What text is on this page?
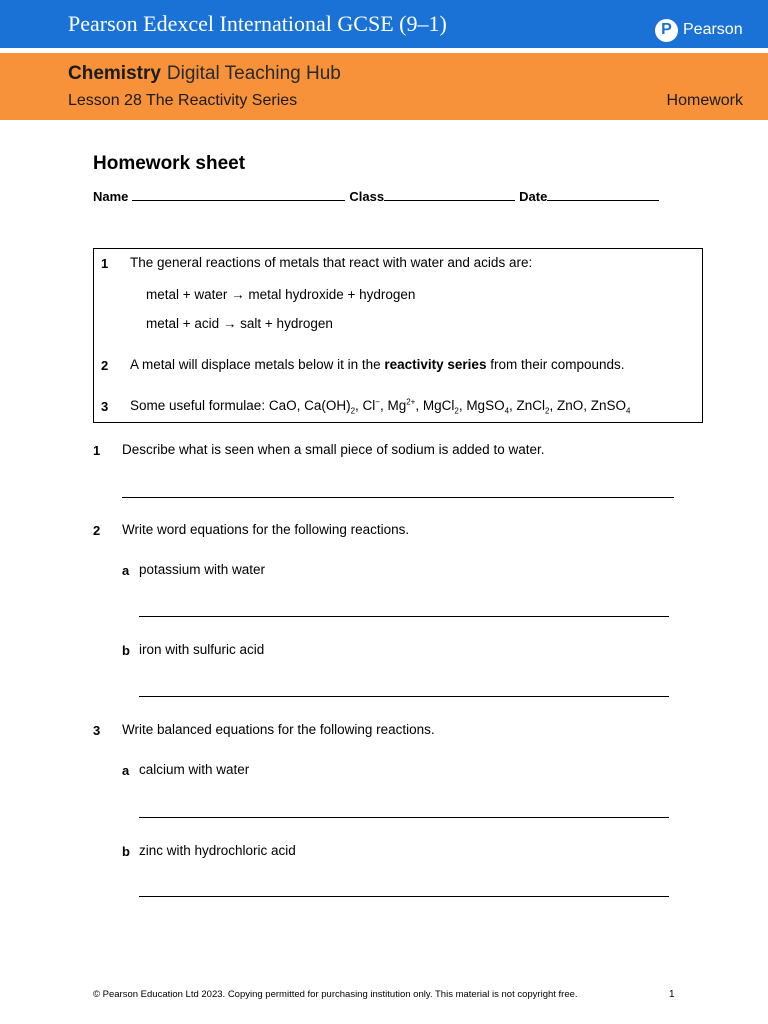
Pearson Edexcel International GCSE (9–1)	P Pearson
Chemistry Digital Teaching Hub
Lesson 28 The Reactivity Series	Homework
Homework sheet
Name	Class	Date
1 The general reactions of metals that react with water and acids are:
metal + water → metal hydroxide + hydrogen
metal + acid → salt + hydrogen
2 A metal will displace metals below it in the reactivity series from their compounds.
3 Some useful formulae: CaO, $Ca(OH)_2$, Cl−, $Mg^{2+}$, MgCl$_2$, MgSO$_4$, ZnCl$_2$, ZnO, ZnSO$_4$
1 Describe what is seen when a small piece of sodium is added to water.
2 Write word equations for the following reactions.
a potassium with water
b iron with sulfuric acid
3 Write balanced equations for the following reactions.
a calcium with water
b zinc with hydrochloric acid
© Pearson Education Ltd 2023. Copying permitted for purchasing institution only. This material is not copyright free.	1
